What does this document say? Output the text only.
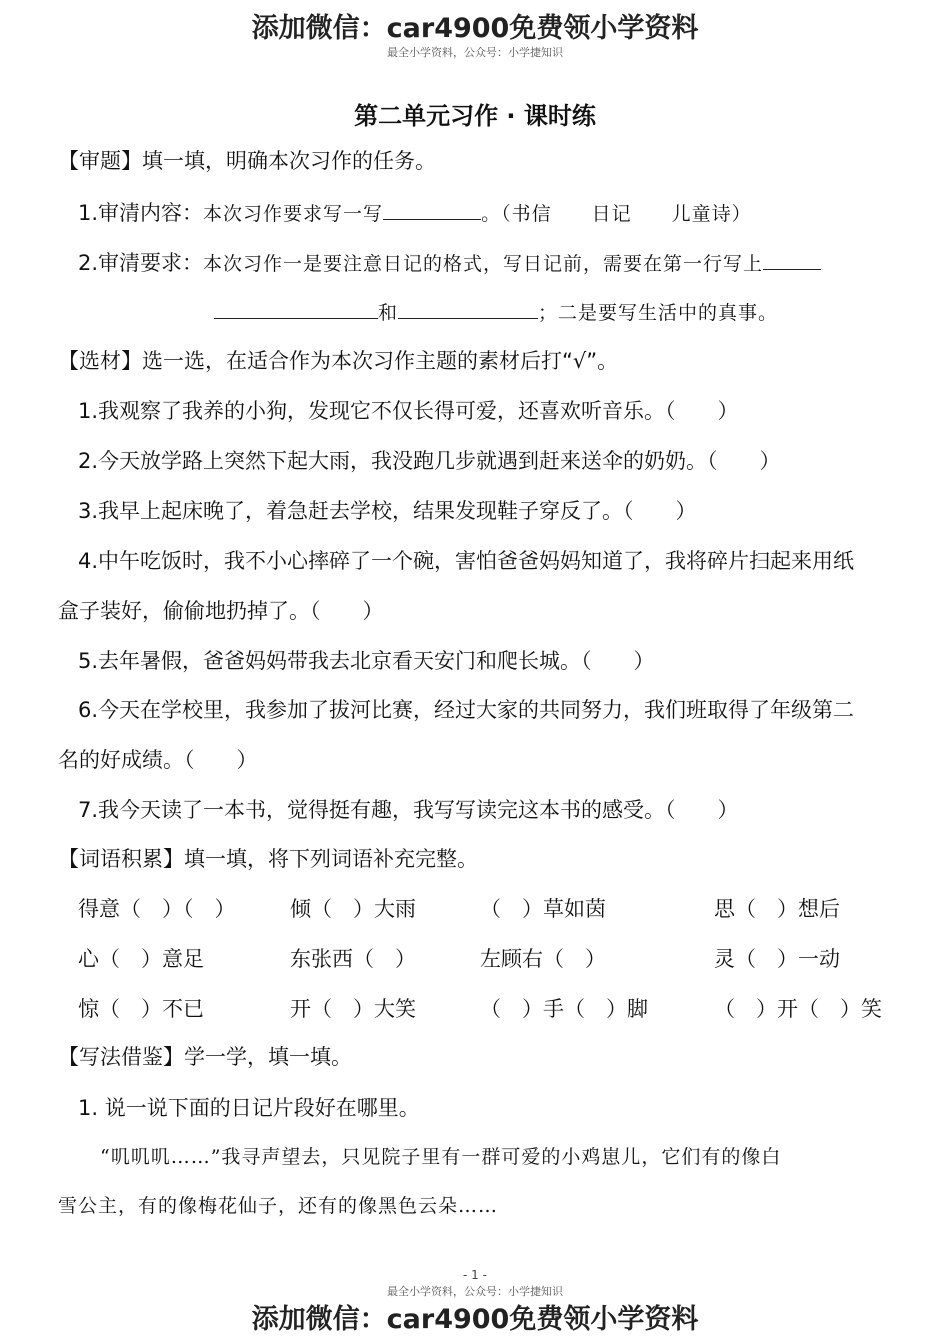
添加微信：car4900免费领小学资料
最全小学资料，公众号：小学捷知识
第二单元习作 · 课时练
【审题】填一填，明确本次习作的任务。
1.审清内容：本次习作要求写一写	。（书信　　日记　　儿童诗）
2.审清要求：本次习作一是要注意日记的格式，写日记前，需要在第一行写上
和	；二是要写生活中的真事。
【选材】选一选，在适合作为本次习作主题的素材后打“√”。
1.我观察了我养的小狗，发现它不仅长得可爱，还喜欢听音乐。（　　）
2.今天放学路上突然下起大雨，我没跑几步就遇到赶来送伞的奶奶。（　　）
3.我早上起床晚了，着急赶去学校，结果发现鞋子穿反了。（　　）
4.中午吃饭时，我不小心摔碎了一个碗，害怕爸爸妈妈知道了，我将碎片扫起来用纸
盒子装好，偷偷地扔掉了。（　　）
5.去年暑假，爸爸妈妈带我去北京看天安门和爬长城。（　　）
6.今天在学校里，我参加了拔河比赛，经过大家的共同努力，我们班取得了年级第二
名的好成绩。（　　）
7.我今天读了一本书，觉得挺有趣，我写写读完这本书的感受。（　　）
【词语积累】填一填，将下列词语补充完整。
得意（　）（　）	倾（　）大雨	（　）草如茵	思（　）想后
心（　）意足	东张西（　）	左顾右（　）	灵（　）一动
惊（　）不已	开（　）大笑	（　）手（　）脚	（　）开（　）笑
【写法借鉴】学一学，填一填。
1. 说一说下面的日记片段好在哪里。
“叽叽叽……”我寻声望去，只见院子里有一群可爱的小鸡崽儿，它们有的像白
雪公主，有的像梅花仙子，还有的像黑色云朵……
- 1 -
最全小学资料，公众号：小学捷知识
添加微信：car4900免费领小学资料
